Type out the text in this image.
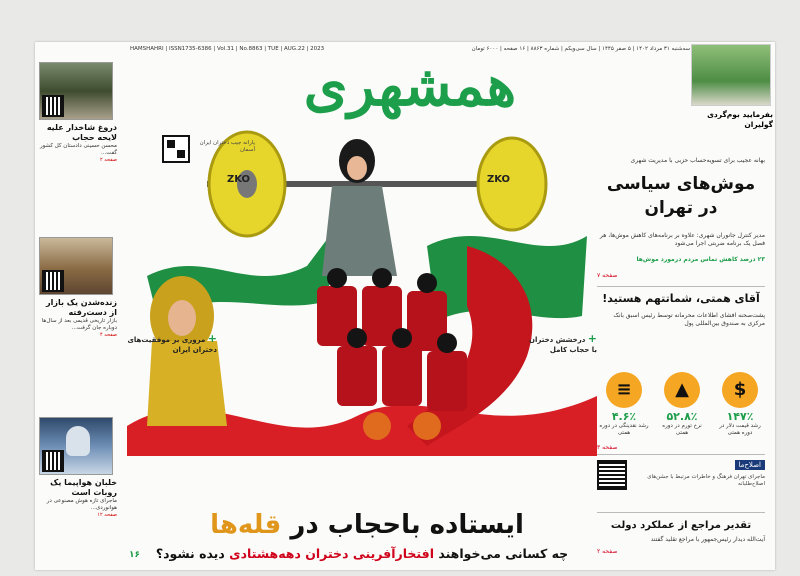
HAMSHAHRI | ISSN1735-6386 | Vol.31 | No.8863 | TUE | AUG.22 | 2023	سه‌شنبه ۳۱ مرداد ۱۴۰۲ | ۵ صفر ۱۴۴۵ | سال سی‌ویکم | شماره ۸۸۶۳ | ۱۶ صفحه | ۶۰۰۰ تومان
همشهری
دروغ شاخدار علیه لایحه حجاب
محسن حسینی دادستان کل کشور گفت...
صفحه ۲
زنده‌شدن یک بازار از دست‌رفته
بازار تاریخی قدیمی بعد از سال‌ها دوباره جان گرفت...
صفحه ۴
خلبان هواپیما یک روبات است
ماجرای تازه هوش مصنوعی در هوانوردی...
صفحه ۱۲
ZKO
ZKO
یارانه جیب دختران ایران آسمان
+ مروری بر موفقیت‌های دختران ایران
+ درخشش دختران با حجاب کامل
ایستاده باحجاب در قله‌ها
چه کسانی می‌خواهند افتخارآفرینی دختران دهه‌هشتادی دیده نشود؟
۱۶
بفرمایید بوم‌گردی گولیران
بهانه عجیب برای تسویه‌حساب حزبی با مدیریت شهری
موش‌های سیاسی در تهران
مدیر کنترل جانوران شهری: علاوه بر برنامه‌های کاهش موش‌ها، هر فصل یک برنامه ضربتی اجرا می‌شود
۲۳ درصد کاهش تماس مردم درمورد موش‌ها
صفحه ۷
آقای همتی، شماتتهم هستید!
پشت‌صحنه افشای اطلاعات محرمانه توسط رئیس اسبق بانک مرکزی به صندوق بین‌المللی پول
$
۱۴۷٪
رشد قیمت دلار در دوره همتی
▲
۵۲.۸٪
نرخ تورم در دوره همتی
≡
۴.۶٪
رشد نقدینگی در دوره همتی
صفحه ۳
اصلاح‌ما
ماجرای تهران فرهنگ و خاطرات مرتبط با جشن‌های اصلاح‌طلبانه
تقدیر مراجع از عملکرد دولت
آیت‌الله دیدار رئیس‌جمهور با مراجع تقلید گفتند
صفحه ۲
